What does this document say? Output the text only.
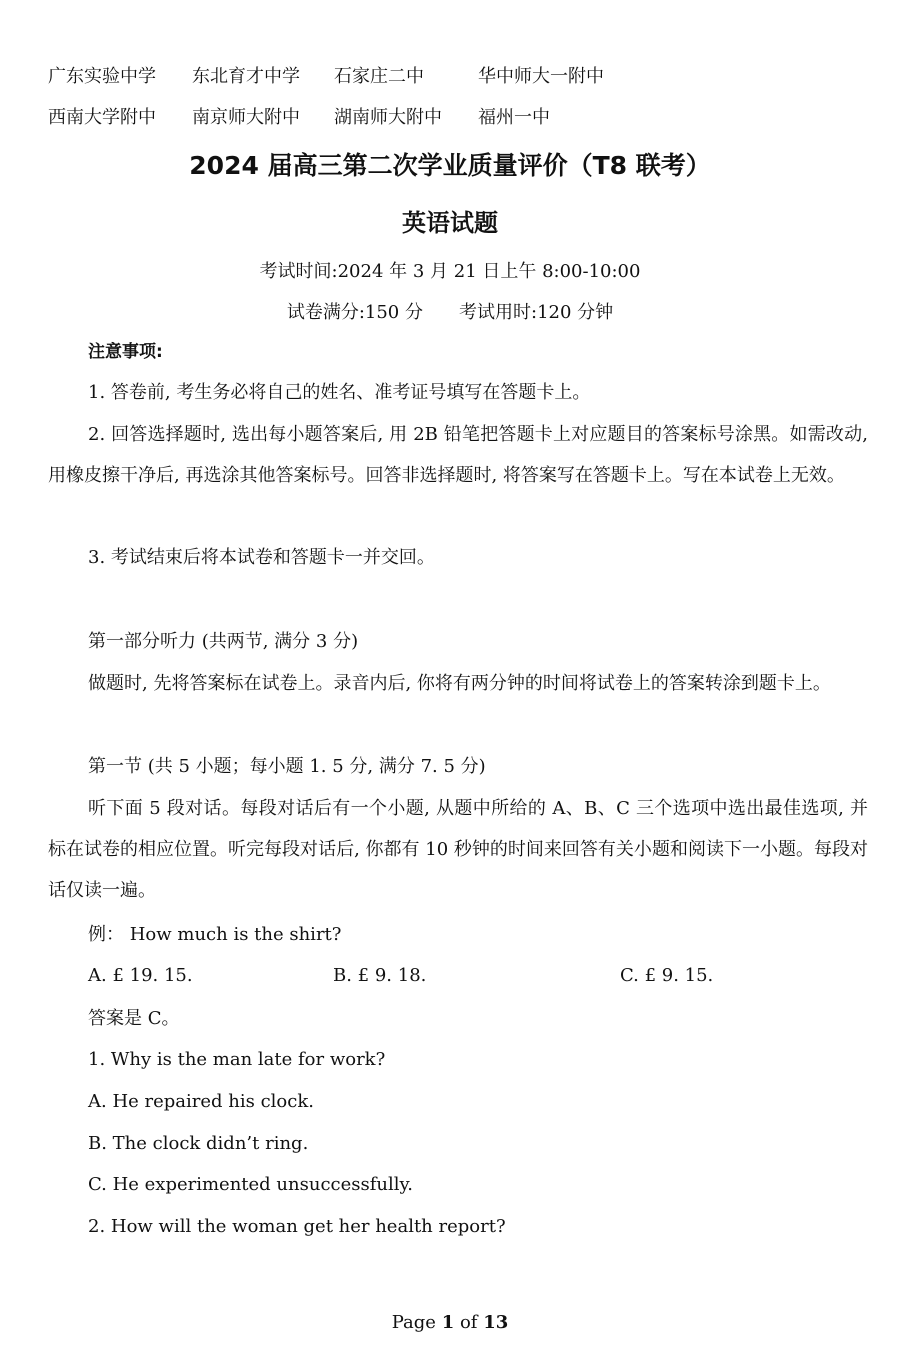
广东实验中学 东北育才中学 石家庄二中	华中师大一附中
西南大学附中 南京师大附中 湖南师大附中 福州一中
2024 届高三第二次学业质量评价（T8 联考）
英语试题
考试时间:2024 年 3 月 21 日上午 8:00-10:00
试卷满分:150 分 考试用时:120 分钟
注意事项:
1. 答卷前, 考生务必将自己的姓名、准考证号填写在答题卡上。
2. 回答选择题时, 选出每小题答案后, 用 2B 铅笔把答题卡上对应题目的答案标号涂黑。如需改动, 用橡皮擦干净后, 再选涂其他答案标号。回答非选择题时, 将答案写在答题卡上。写在本试卷上无效。
3. 考试结束后将本试卷和答题卡一并交回。
第一部分听力 (共两节, 满分 3 分)
做题时, 先将答案标在试卷上。录音内后, 你将有两分钟的时间将试卷上的答案转涂到题卡上。
第一节 (共 5 小题；每小题 1. 5 分, 满分 7. 5 分)
听下面 5 段对话。每段对话后有一个小题, 从题中所给的 A、B、C 三个选项中选出最佳选项, 并标在试卷的相应位置。听完每段对话后, 你都有 10 秒钟的时间来回答有关小题和阅读下一小题。每段对话仅读一遍。
例： How much is the shirt?
A. £ 19. 15.	B. £ 9. 18.	C. £ 9. 15.
答案是 C。
1. Why is the man late for work?
A. He repaired his clock.
B. The clock didn’t ring.
C. He experimented unsuccessfully.
2. How will the woman get her health report?
Page 1 of 13
